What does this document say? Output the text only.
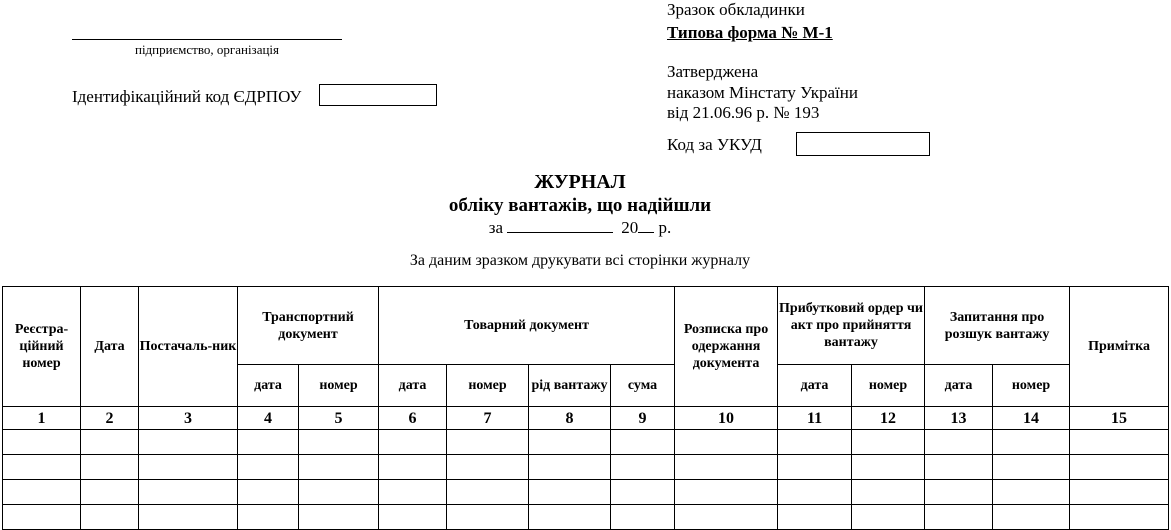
підприємство, організація
Ідентифікаційний код ЄДРПОУ
Зразок обкладинки
Типова форма № М-1
Затверджена
наказом Мінстату України
від 21.06.96 р. № 193
Код за УКУД
ЖУРНАЛ
обліку вантажів, що надійшли
за	20 р.
За даним зразком друкувати всі сторінки журналу
Реєстра-ційний номер	Дата	Постачаль-ник	Транспортний документ		Товарний документ				Розписка про одержання документа	Прибутковий ордер чи акт про прийняття вантажу		Запитання про розшук вантажу		Примітка
			дата	номер	дата	номер	рід вантажу	сума		дата	номер	дата	номер	
1	2	3	4	5	6	7	8	9	10	11	12	13	14	15
